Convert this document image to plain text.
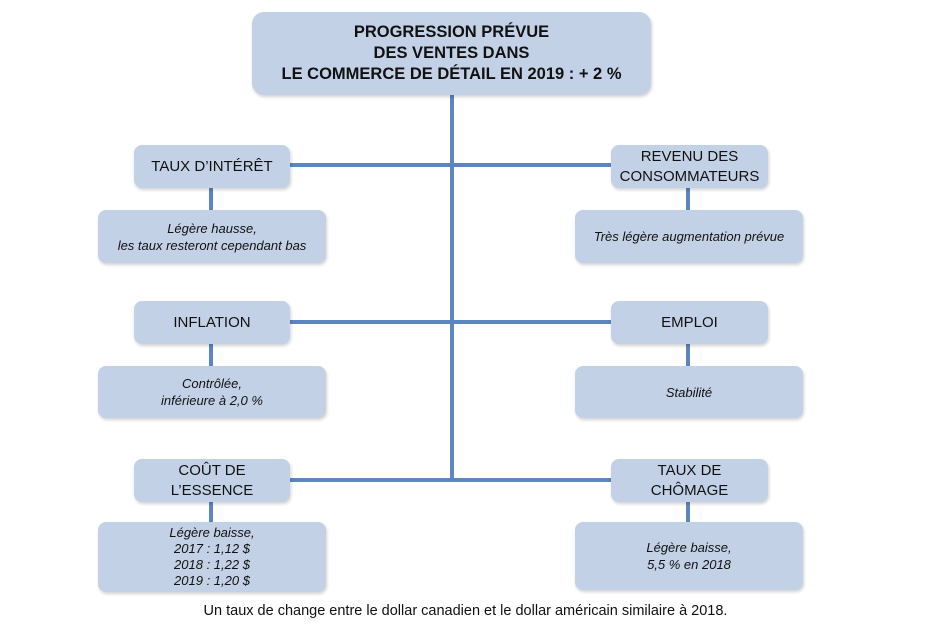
PROGRESSION PRÉVUE
DES VENTES DANS
LE COMMERCE DE DÉTAIL EN 2019 : + 2 %
TAUX D’INTÉRÊT
Légère hausse,
les taux resteront cependant bas
REVENU DES
CONSOMMATEURS
Très légère augmentation prévue
INFLATION
Contrôlée,
inférieure à 2,0 %
EMPLOI
Stabilité
COÛT DE
L’ESSENCE
Légère baisse,
2017 : 1,12 $
2018 : 1,22 $
2019 : 1,20 $
TAUX DE
CHÔMAGE
Légère baisse,
5,5 % en 2018
Un taux de change entre le dollar canadien et le dollar américain similaire à 2018.
